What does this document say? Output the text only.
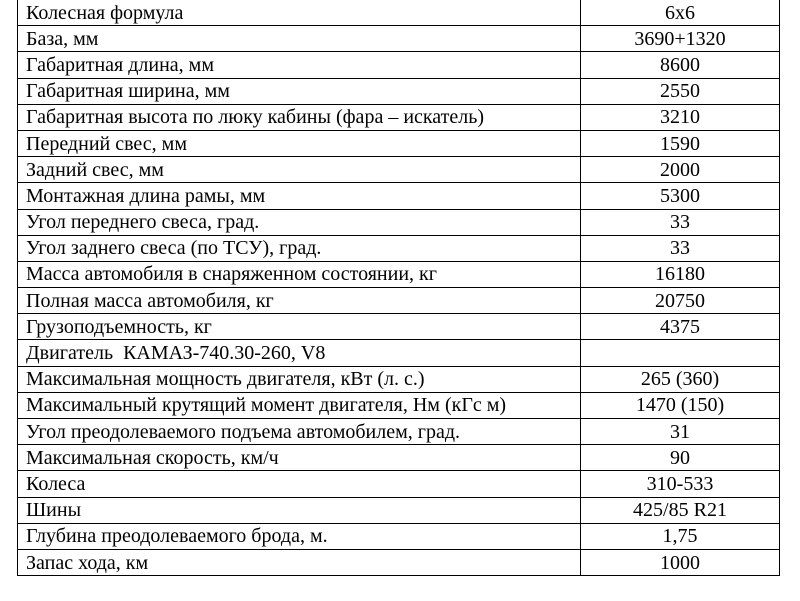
Колесная формула	6х6
База, мм	3690+1320
Габаритная длина, мм	8600
Габаритная ширина, мм	2550
Габаритная высота по люку кабины (фара – искатель)	3210
Передний свес, мм	1590
Задний свес, мм	2000
Монтажная длина рамы, мм	5300
Угол переднего свеса, град.	33
Угол заднего свеса (по ТСУ), град.	33
Масса автомобиля в снаряженном состоянии, кг	16180
Полная масса автомобиля, кг	20750
Грузоподъемность, кг	4375
Двигатель  КАМАЗ-740.30-260, V8	
Максимальная мощность двигателя, кВт (л. с.)	265 (360)
Максимальный крутящий момент двигателя, Нм (кГс м)	1470 (150)
Угол преодолеваемого подъема автомобилем, град.	31
Максимальная скорость, км/ч	90
Колеса	310-533
Шины	425/85 R21
Глубина преодолеваемого брода, м.	1,75
Запас хода, км	1000
